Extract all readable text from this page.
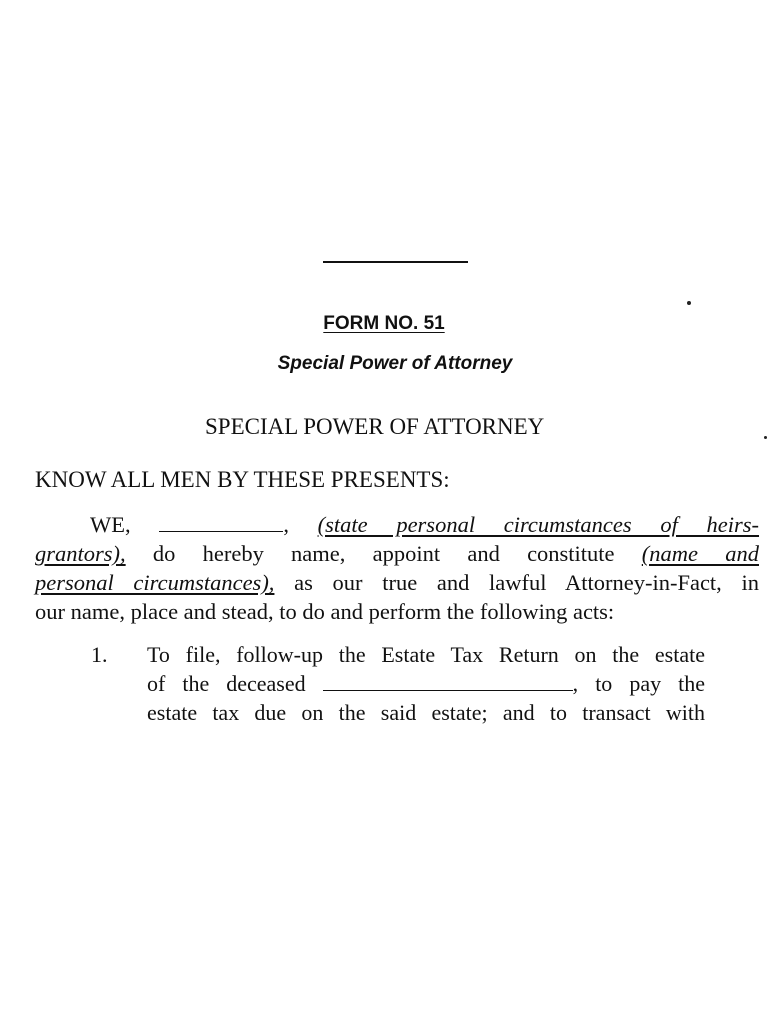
FORM NO. 51
Special Power of Attorney
SPECIAL POWER OF ATTORNEY
KNOW ALL MEN BY THESE PRESENTS:
WE,	, (state personal circumstances of heirs-
grantors), do hereby name, appoint and constitute (name and
personal circumstances), as our true and lawful Attorney-in-Fact, in
our name, place and stead, to do and perform the following acts:
1. To file, follow-up the Estate Tax Return on the estate
of the deceased	, to pay the
estate tax due on the said estate; and to transact with
